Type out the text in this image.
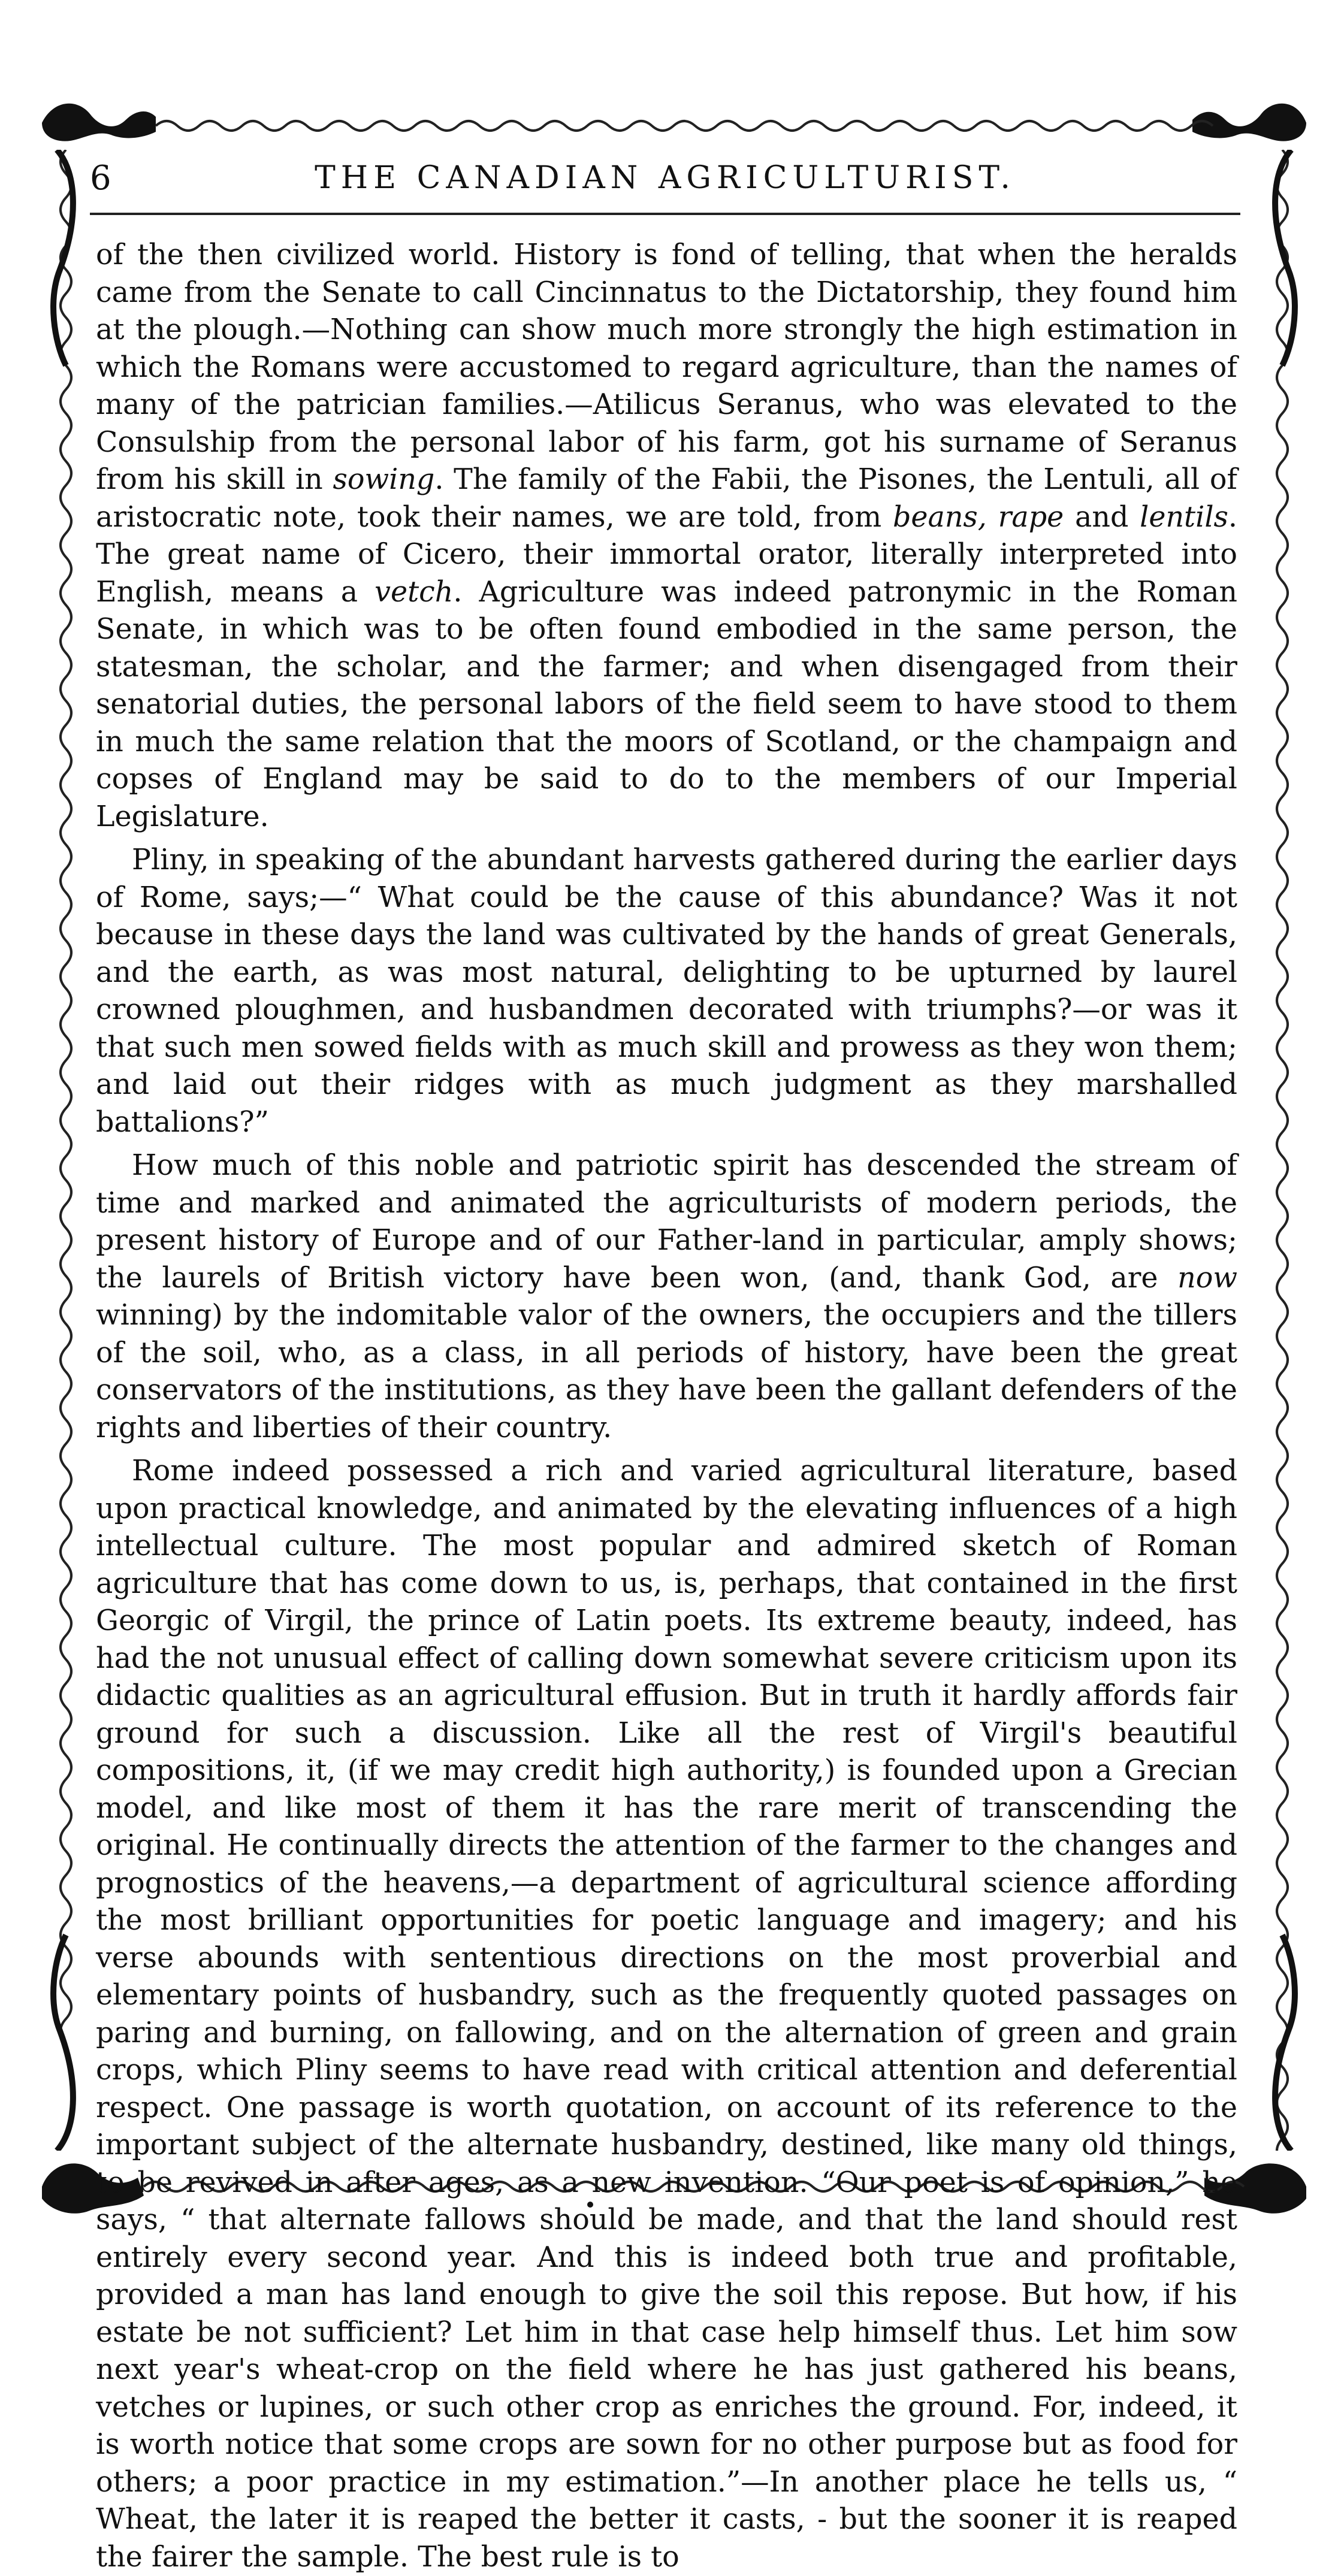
6	THE CANADIAN AGRICULTURIST.

of the then civilized world. History is fond of telling, that when the heralds came from the Senate to call Cincinnatus to the Dictatorship, they found him at the plough.—Nothing can show much more strongly the high estimation in which the Romans were accustomed to regard agriculture, than the names of many of the patrician families.—Atilicus Seranus, who was elevated to the Consulship from the personal labor of his farm, got his surname of Seranus from his skill in sowing. The family of the Fabii, the Pisones, the Lentuli, all of aristocratic note, took their names, we are told, from beans, rape and lentils. The great name of Cicero, their immortal orator, literally interpreted into English, means a vetch. Agriculture was indeed patronymic in the Roman Senate, in which was to be often found embodied in the same person, the statesman, the scholar, and the farmer; and when disengaged from their senatorial duties, the personal labors of the field seem to have stood to them in much the same relation that the moors of Scotland, or the champaign and copses of England may be said to do to the members of our Imperial Legislature.

Pliny, in speaking of the abundant harvests gathered during the earlier days of Rome, says;—“ What could be the cause of this abundance? Was it not because in these days the land was cultivated by the hands of great Generals, and the earth, as was most natural, delighting to be upturned by laurel crowned ploughmen, and husbandmen decorated with triumphs?—or was it that such men sowed fields with as much skill and prowess as they won them; and laid out their ridges with as much judgment as they marshalled battalions?”

How much of this noble and patriotic spirit has descended the stream of time and marked and animated the agriculturists of modern periods, the present history of Europe and of our Father-land in particular, amply shows; the laurels of British victory have been won, (and, thank God, are now winning) by the indomitable valor of the owners, the occupiers and the tillers of the soil, who, as a class, in all periods of history, have been the great conservators of the institutions, as they have been the gallant defenders of the rights and liberties of their country.

Rome indeed possessed a rich and varied agricultural literature, based upon practical knowledge, and animated by the elevating influences of a high intellectual culture. The most popular and admired sketch of Roman agriculture that has come down to us, is, perhaps, that contained in the first Georgic of Virgil, the prince of Latin poets. Its extreme beauty, indeed, has had the not unusual effect of calling down somewhat severe criticism upon its didactic qualities as an agricultural effusion. But in truth it hardly affords fair ground for such a discussion. Like all the rest of Virgil's beautiful compositions, it, (if we may credit high authority,) is founded upon a Grecian model, and like most of them it has the rare merit of transcending the original. He continually directs the attention of the farmer to the changes and prognostics of the heavens,—a department of agricultural science affording the most brilliant opportunities for poetic language and imagery; and his verse abounds with sententious directions on the most proverbial and elementary points of husbandry, such as the frequently quoted passages on paring and burning, on fallowing, and on the alternation of green and grain crops, which Pliny seems to have read with critical attention and deferential respect. One passage is worth quotation, on account of its reference to the important subject of the alternate husbandry, destined, like many old things, to be revived in after ages, as a new invention. “Our poet is of opinion,” he says, “ that alternate fallows should be made, and that the land should rest entirely every second year. And this is indeed both true and profitable, provided a man has land enough to give the soil this repose. But how, if his estate be not sufficient? Let him in that case help himself thus. Let him sow next year's wheat-crop on the field where he has just gathered his beans, vetches or lupines, or such other crop as enriches the ground. For, indeed, it is worth notice that some crops are sown for no other purpose but as food for others; a poor practice in my estimation.”—In another place he tells us, “ Wheat, the later it is reaped the better it casts, - but the sooner it is reaped the fairer the sample. The best rule is to
